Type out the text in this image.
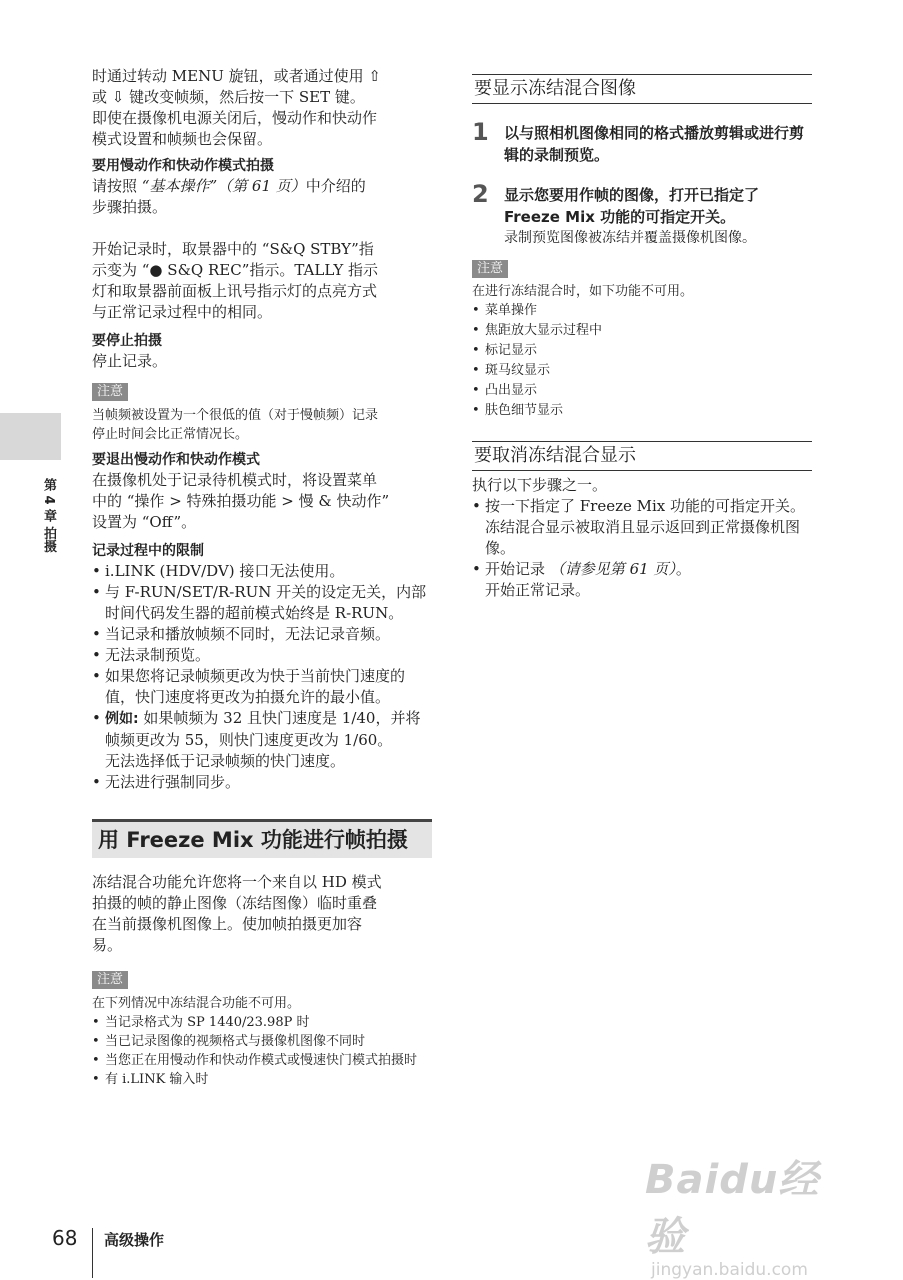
第 4 章 拍摄

时通过转动 MENU 旋钮，或者通过使用 ⇧

或 ⇩ 键改变帧频，然后按一下 SET 键。

即使在摄像机电源关闭后，慢动作和快动作

模式设置和帧频也会保留。

要用慢动作和快动作模式拍摄

请按照 “基本操作”（第 61 页）中介绍的

步骤拍摄。

开始记录时，取景器中的 “S&Q STBY”指

示变为 “● S&Q REC”指示。TALLY 指示

灯和取景器前面板上讯号指示灯的点亮方式

与正常记录过程中的相同。

要停止拍摄

停止记录。

注意

当帧频被设置为一个很低的值（对于慢帧频）记录

停止时间会比正常情况长。

要退出慢动作和快动作模式

在摄像机处于记录待机模式时，将设置菜单

中的 “操作 > 特殊拍摄功能 > 慢 & 快动作”

设置为 “Off”。

记录过程中的限制

• i.LINK (HDV/DV) 接口无法使用。
• 与 F-RUN/SET/R-RUN 开关的设定无关，内部时间代码发生器的超前模式始终是 R-RUN。
• 当记录和播放帧频不同时，无法记录音频。
• 无法录制预览。
• 如果您将记录帧频更改为快于当前快门速度的值，快门速度将更改为拍摄允许的最小值。
• 例如: 如果帧频为 32 且快门速度是 1/40，并将帧频更改为 55，则快门速度更改为 1/60。
无法选择低于记录帧频的快门速度。
• 无法进行强制同步。
用 Freeze Mix 功能进行帧拍摄

冻结混合功能允许您将一个来自以 HD 模式

拍摄的帧的静止图像（冻结图像）临时重叠

在当前摄像机图像上。使加帧拍摄更加容

易。

注意

在下列情况中冻结混合功能不可用。

• 当记录格式为 SP 1440/23.98P 时
• 当已记录图像的视频格式与摄像机图像不同时
• 当您正在用慢动作和快动作模式或慢速快门模式拍摄时
• 有 i.LINK 输入时
要显示冻结混合图像
1 以与照相机图像相同的格式播放剪辑或进行剪辑的录制预览。

2 显示您要用作帧的图像，打开已指定了 Freeze Mix 功能的可指定开关。

录制预览图像被冻结并覆盖摄像机图像。

注意

在进行冻结混合时，如下功能不可用。

• 菜单操作
• 焦距放大显示过程中
• 标记显示
• 斑马纹显示
• 凸出显示
• 肤色细节显示
要取消冻结混合显示

执行以下步骤之一。

• 按一下指定了 Freeze Mix 功能的可指定开关。
冻结混合显示被取消且显示返回到正常摄像机图像。
• 开始记录 （请参见第 61 页）。
开始正常记录。
68 高级操作
Baidu经验
jingyan.baidu.com
